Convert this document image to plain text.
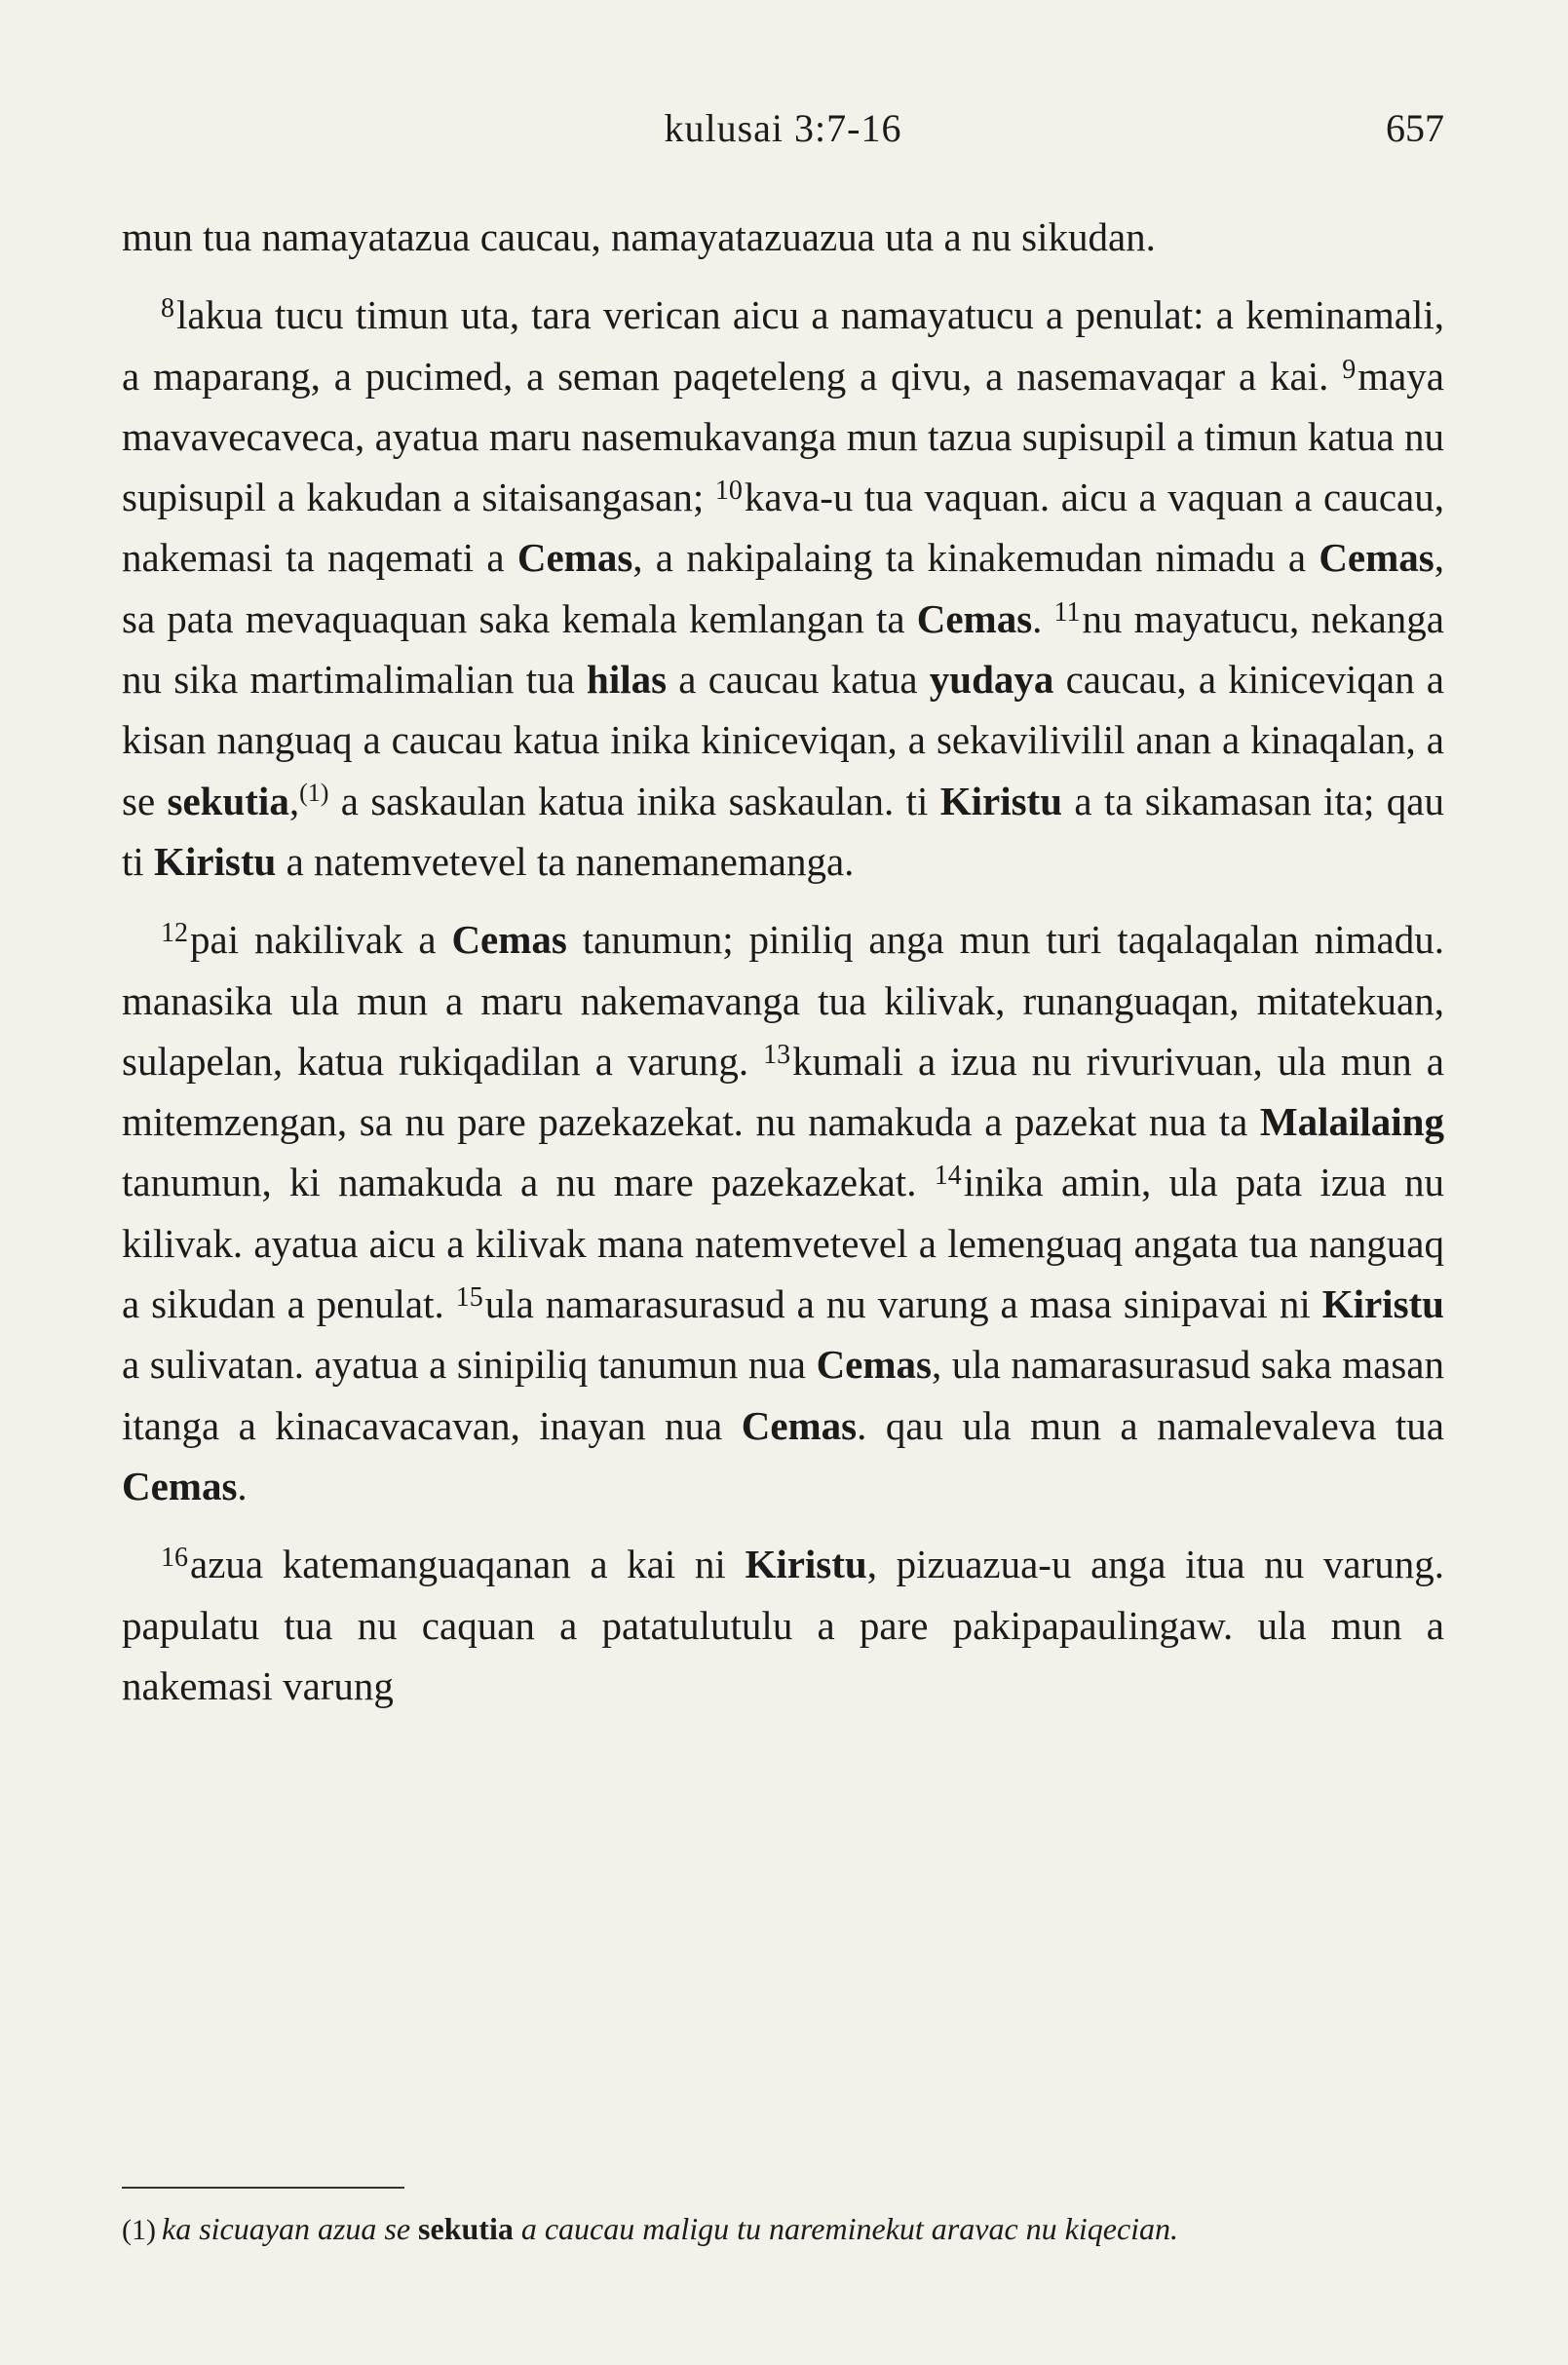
kulusai 3:7-16	657

mun tua namayatazua caucau, namayatazuazua uta a nu sikudan.

$^8$lakua tucu timun uta, tara verican aicu a namayatucu a penulat: a keminamali, a maparang, a pucimed, a seman paqeteleng a qivu, a nasemavaqar a kai. $^9$maya mavavecaveca, ayatua maru nasemukavanga mun tazua supisupil a timun katua nu supisupil a kakudan a sitaisangasan; $^{10}$kava-u tua vaquan. aicu a vaquan a caucau, nakemasi ta naqemati a Cemas, a nakipalaing ta kinakemudan nimadu a Cemas, sa pata mevaquaquan saka kemala kemlangan ta Cemas. $^{11}$nu mayatucu, nekanga nu sika martimalimalian tua hilas a caucau katua yudaya caucau, a kiniceviqan a kisan nanguaq a caucau katua inika kiniceviqan, a sekavilivilil anan a kinaqalan, a se sekutia,$^{(1)}$ a saskaulan katua inika saskaulan. ti Kiristu a ta sikamasan ita; qau ti Kiristu a natemvetevel ta nanemanemanga.

$^{12}$pai nakilivak a Cemas tanumun; piniliq anga mun turi taqalaqalan nimadu. manasika ula mun a maru nakemavanga tua kilivak, runanguaqan, mitatekuan, sulapelan, katua rukiqadilan a varung. $^{13}$kumali a izua nu rivurivuan, ula mun a mitemzengan, sa nu pare pazekazekat. nu namakuda a pazekat nua ta Malailaing tanumun, ki namakuda a nu mare pazekazekat. $^{14}$inika amin, ula pata izua nu kilivak. ayatua aicu a kilivak mana natemvetevel a lemenguaq angata tua nanguaq a sikudan a penulat. $^{15}$ula namarasurasud a nu varung a masa sinipavai ni Kiristu a sulivatan. ayatua a sinipiliq tanumun nua Cemas, ula namarasurasud saka masan itanga a kinacavacavan, inayan nua Cemas. qau ula mun a namalevaleva tua Cemas.

$^{16}$azua katemanguaqanan a kai ni Kiristu, pizuazua-u anga itua nu varung. papulatu tua nu caquan a patatulutulu a pare pakipapaulingaw. ula mun a nakemasi varung

(1) ka sicuayan azua se sekutia a caucau maligu tu nareminekut aravac nu kiqecian.
